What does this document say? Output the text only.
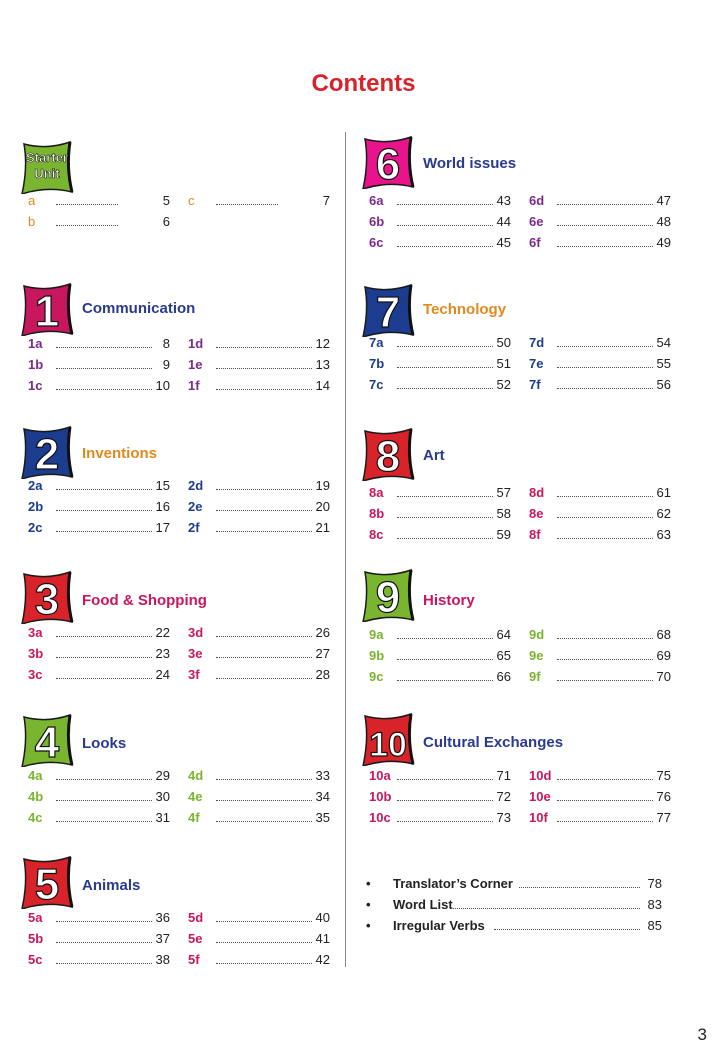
Contents
Starter
Unit
a	5
b	6
c	7
1 Communication
1a	8
1b	9
1c	10
1d	12
1e	13
1f	14
2 Inventions
2a	15
2b	16
2c	17
2d	19
2e	20
2f	21
3 Food & Shopping
3a	22
3b	23
3c	24
3d	26
3e	27
3f	28
4 Looks
4a	29
4b	30
4c	31
4d	33
4e	34
4f	35
5 Animals
5a	36
5b	37
5c	38
5d	40
5e	41
5f	42
6 World issues
6a	43
6b	44
6c	45
6d	47
6e	48
6f	49
7 Technology
7a	50
7b	51
7c	52
7d	54
7e	55
7f	56
8 Art
8a	57
8b	58
8c	59
8d	61
8e	62
8f	63
9 History
9a	64
9b	65
9c	66
9d	68
9e	69
9f	70
10 Cultural Exchanges
10a	71
10b	72
10c	73
10d	75
10e	76
10f	77
• Translator’s Corner	78
• Word List	83
• Irregular Verbs	85
3
